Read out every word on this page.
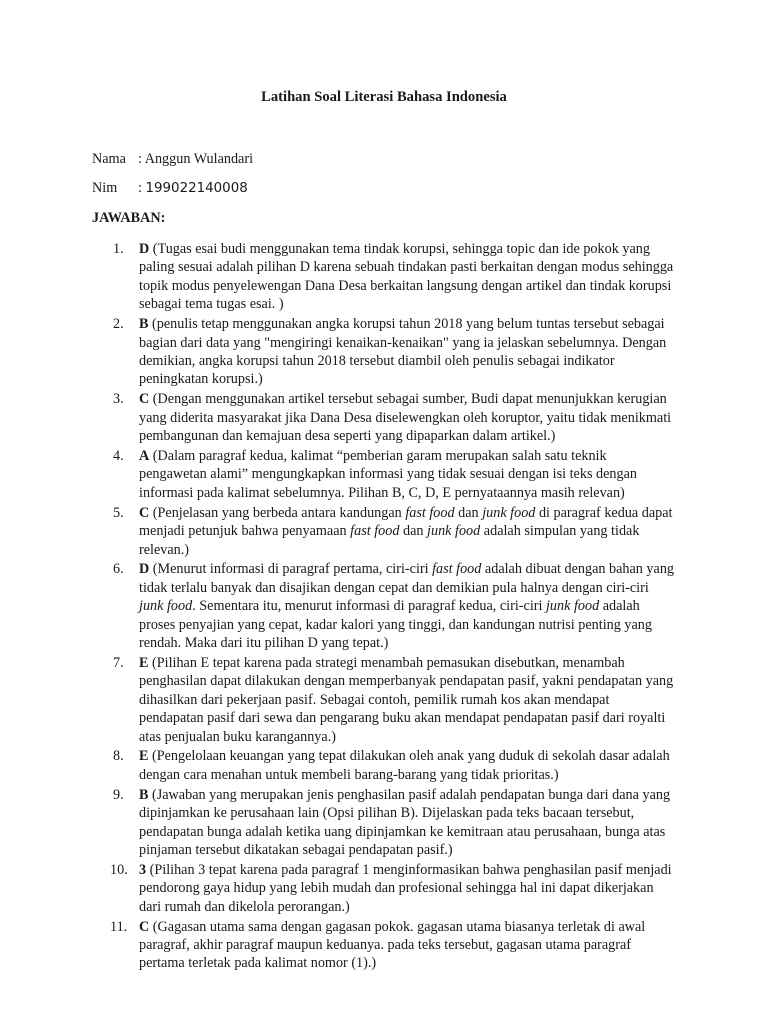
Latihan Soal Literasi Bahasa Indonesia
Nama : Anggun Wulandari
Nim : 199022140008
JAWABAN:
1. D (Tugas esai budi menggunakan tema tindak korupsi, sehingga topic dan ide pokok yang paling sesuai adalah pilihan D karena sebuah tindakan pasti berkaitan dengan modus sehingga topik modus penyelewengan Dana Desa berkaitan langsung dengan artikel dan tindak korupsi sebagai tema tugas esai. )
2. B (penulis tetap menggunakan angka korupsi tahun 2018 yang belum tuntas tersebut sebagai bagian dari data yang "mengiringi kenaikan-kenaikan" yang ia jelaskan sebelumnya. Dengan demikian, angka korupsi tahun 2018 tersebut diambil oleh penulis sebagai indikator peningkatan korupsi.)
3. C (Dengan menggunakan artikel tersebut sebagai sumber, Budi dapat menunjukkan kerugian yang diderita masyarakat jika Dana Desa diselewengkan oleh koruptor, yaitu tidak menikmati pembangunan dan kemajuan desa seperti yang dipaparkan dalam artikel.)
4. A (Dalam paragraf kedua, kalimat “pemberian garam merupakan salah satu teknik pengawetan alami” mengungkapkan informasi yang tidak sesuai dengan isi teks dengan informasi pada kalimat sebelumnya. Pilihan B, C, D, E pernyataannya masih relevan)
5. C (Penjelasan yang berbeda antara kandungan fast food dan junk food di paragraf kedua dapat menjadi petunjuk bahwa penyamaan fast food dan junk food adalah simpulan yang tidak relevan.)
6. D (Menurut informasi di paragraf pertama, ciri-ciri fast food adalah dibuat dengan bahan yang tidak terlalu banyak dan disajikan dengan cepat dan demikian pula halnya dengan ciri-ciri junk food. Sementara itu, menurut informasi di paragraf kedua, ciri-ciri junk food adalah proses penyajian yang cepat, kadar kalori yang tinggi, dan kandungan nutrisi penting yang rendah. Maka dari itu pilihan D yang tepat.)
7. E (Pilihan E tepat karena pada strategi menambah pemasukan disebutkan, menambah penghasilan dapat dilakukan dengan memperbanyak pendapatan pasif, yakni pendapatan yang dihasilkan dari pekerjaan pasif. Sebagai contoh, pemilik rumah kos akan mendapat pendapatan pasif dari sewa dan pengarang buku akan mendapat pendapatan pasif dari royalti atas penjualan buku karangannya.)
8. E (Pengelolaan keuangan yang tepat dilakukan oleh anak yang duduk di sekolah dasar adalah dengan cara menahan untuk membeli barang-barang yang tidak prioritas.)
9. B (Jawaban yang merupakan jenis penghasilan pasif adalah pendapatan bunga dari dana yang dipinjamkan ke perusahaan lain (Opsi pilihan B). Dijelaskan pada teks bacaan tersebut, pendapatan bunga adalah ketika uang dipinjamkan ke kemitraan atau perusahaan, bunga atas pinjaman tersebut dikatakan sebagai pendapatan pasif.)
10. 3 (Pilihan 3 tepat karena pada paragraf 1 menginformasikan bahwa penghasilan pasif menjadi pendorong gaya hidup yang lebih mudah dan profesional sehingga hal ini dapat dikerjakan dari rumah dan dikelola perorangan.)
11. C (Gagasan utama sama dengan gagasan pokok. gagasan utama biasanya terletak di awal paragraf, akhir paragraf maupun keduanya. pada teks tersebut, gagasan utama paragraf pertama terletak pada kalimat nomor (1).)
